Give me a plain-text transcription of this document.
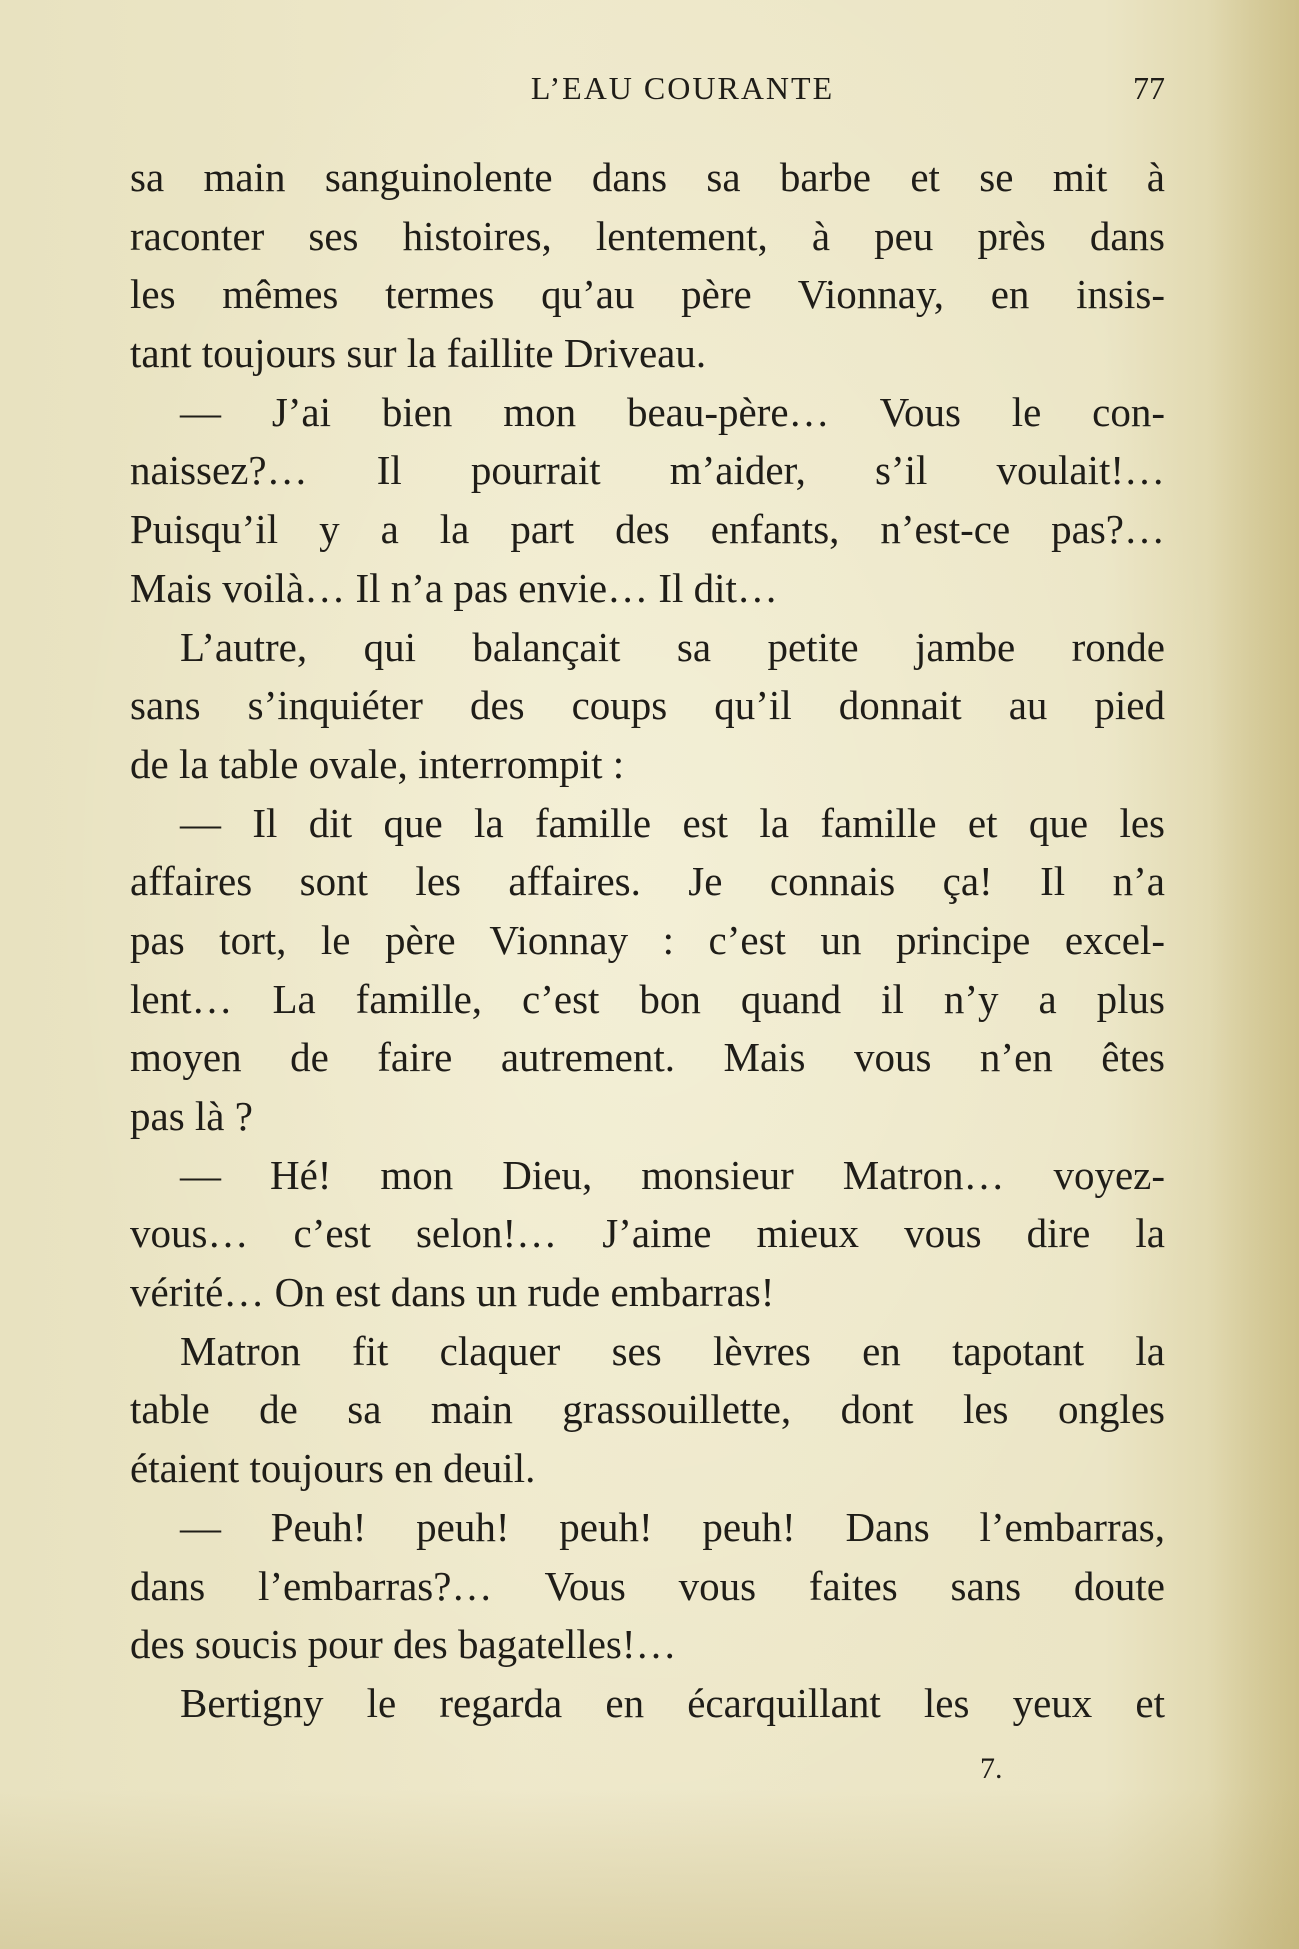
L’EAU COURANTE	77
sa main sanguinolente dans sa barbe et se mit à
raconter ses histoires, lentement, à peu près dans
les mêmes termes qu’au père Vionnay, en insis-
tant toujours sur la faillite Driveau.
— J’ai bien mon beau-père… Vous le con-
naissez?… Il pourrait m’aider, s’il voulait!…
Puisqu’il y a la part des enfants, n’est-ce pas?…
Mais voilà… Il n’a pas envie… Il dit…
L’autre, qui balançait sa petite jambe ronde
sans s’inquiéter des coups qu’il donnait au pied
de la table ovale, interrompit :
— Il dit que la famille est la famille et que les
affaires sont les affaires. Je connais ça! Il n’a
pas tort, le père Vionnay : c’est un principe excel-
lent… La famille, c’est bon quand il n’y a plus
moyen de faire autrement. Mais vous n’en êtes
pas là ?
— Hé! mon Dieu, monsieur Matron… voyez-
vous… c’est selon!… J’aime mieux vous dire la
vérité… On est dans un rude embarras!
Matron fit claquer ses lèvres en tapotant la
table de sa main grassouillette, dont les ongles
étaient toujours en deuil.
— Peuh! peuh! peuh! peuh! Dans l’embarras,
dans l’embarras?… Vous vous faites sans doute
des soucis pour des bagatelles!…
Bertigny le regarda en écarquillant les yeux et
7.
